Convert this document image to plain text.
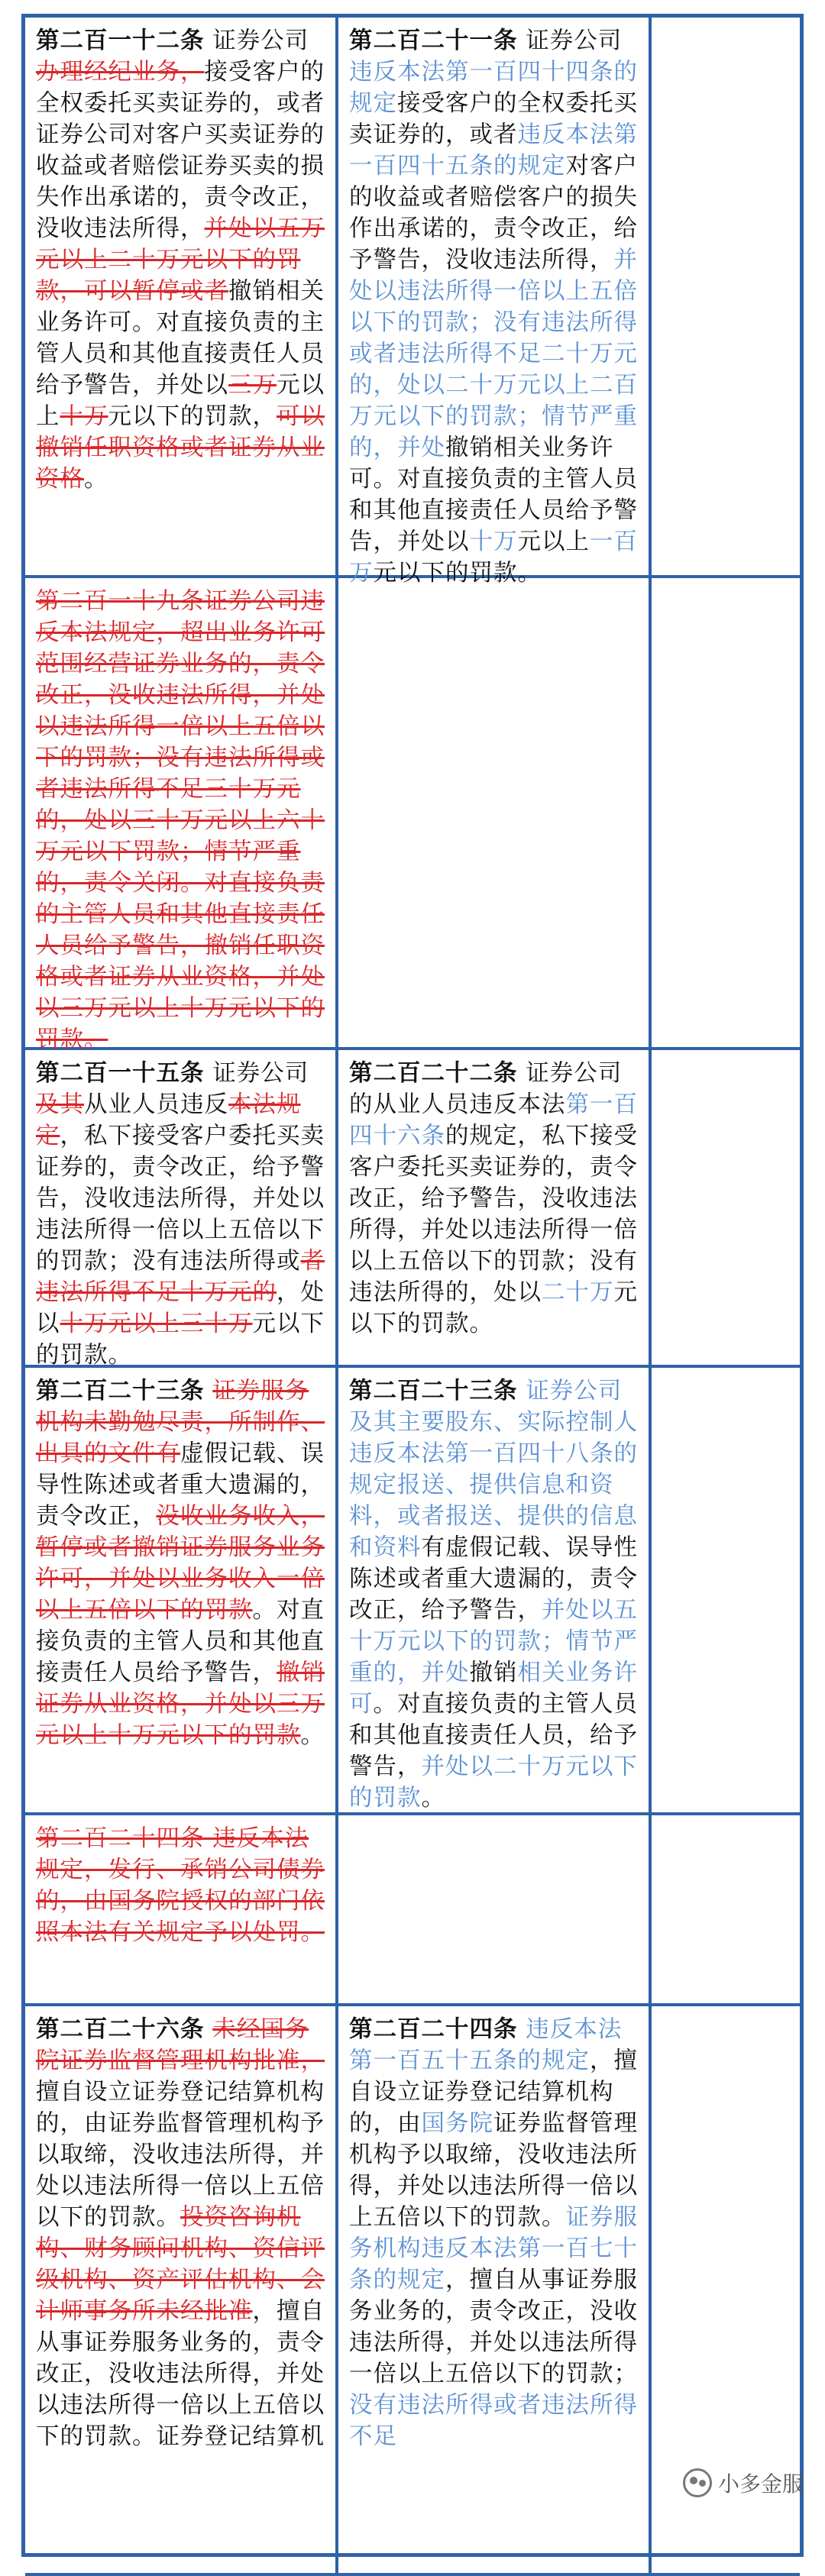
第二百一十二条 证券公司办理经纪业务，接受客户的全权委托买卖证券的，或者证券公司对客户买卖证券的收益或者赔偿证券买卖的损失作出承诺的，责令改正，没收违法所得，并处以五万元以上二十万元以下的罚款，可以暂停或者撤销相关业务许可。对直接负责的主管人员和其他直接责任人员给予警告，并处以三万元以上十万元以下的罚款，可以撤销任职资格或者证券从业资格。
第二百二十一条 证券公司违反本法第一百四十四条的规定接受客户的全权委托买卖证券的，或者违反本法第一百四十五条的规定对客户的收益或者赔偿客户的损失作出承诺的，责令改正，给予警告，没收违法所得，并处以违法所得一倍以上五倍以下的罚款；没有违法所得或者违法所得不足二十万元的，处以二十万元以上二百万元以下的罚款；情节严重的，并处撤销相关业务许可。对直接负责的主管人员和其他直接责任人员给予警告，并处以十万元以上一百万元以下的罚款。
第二百一十九条证券公司违反本法规定，超出业务许可范围经营证券业务的，责令改正，没收违法所得，并处以违法所得一倍以上五倍以下的罚款；没有违法所得或者违法所得不足三十万元的，处以三十万元以上六十万元以下罚款；情节严重的，责令关闭。对直接负责的主管人员和其他直接责任人员给予警告，撤销任职资格或者证券从业资格，并处以三万元以上十万元以下的罚款。
第二百一十五条 证券公司及其从业人员违反本法规定，私下接受客户委托买卖证券的，责令改正，给予警告，没收违法所得，并处以违法所得一倍以上五倍以下的罚款；没有违法所得或者违法所得不足十万元的，处以十万元以上三十万元以下的罚款。
第二百二十二条 证券公司的从业人员违反本法第一百四十六条的规定，私下接受客户委托买卖证券的，责令改正，给予警告，没收违法所得，并处以违法所得一倍以上五倍以下的罚款；没有违法所得的，处以二十万元以下的罚款。
第二百二十三条 证券服务机构未勤勉尽责，所制作、出具的文件有虚假记载、误导性陈述或者重大遗漏的，责令改正，没收业务收入，暂停或者撤销证券服务业务许可，并处以业务收入一倍以上五倍以下的罚款。对直接负责的主管人员和其他直接责任人员给予警告，撤销证券从业资格，并处以三万元以上十万元以下的罚款。
第二百二十三条 证券公司及其主要股东、实际控制人违反本法第一百四十八条的规定报送、提供信息和资料，或者报送、提供的信息和资料有虚假记载、误导性陈述或者重大遗漏的，责令改正，给予警告，并处以五十万元以下的罚款；情节严重的，并处撤销相关业务许可。对直接负责的主管人员和其他直接责任人员，给予警告，并处以二十万元以下的罚款。
第二百二十四条 违反本法规定，发行、承销公司债券的，由国务院授权的部门依照本法有关规定予以处罚。
第二百二十六条 未经国务院证券监督管理机构批准，擅自设立证券登记结算机构的，由证券监督管理机构予以取缔，没收违法所得，并处以违法所得一倍以上五倍以下的罚款。投资咨询机构、财务顾问机构、资信评级机构、资产评估机构、会计师事务所未经批准，擅自从事证券服务业务的，责令改正，没收违法所得，并处以违法所得一倍以上五倍以下的罚款。证券登记结算机
第二百二十四条 违反本法第一百五十五条的规定，擅自设立证券登记结算机构的，由国务院证券监督管理机构予以取缔，没收违法所得，并处以违法所得一倍以上五倍以下的罚款。证券服务机构违反本法第一百七十条的规定，擅自从事证券服务业务的，责令改正，没收违法所得，并处以违法所得一倍以上五倍以下的罚款；没有违法所得或者违法所得不足
小多金服
